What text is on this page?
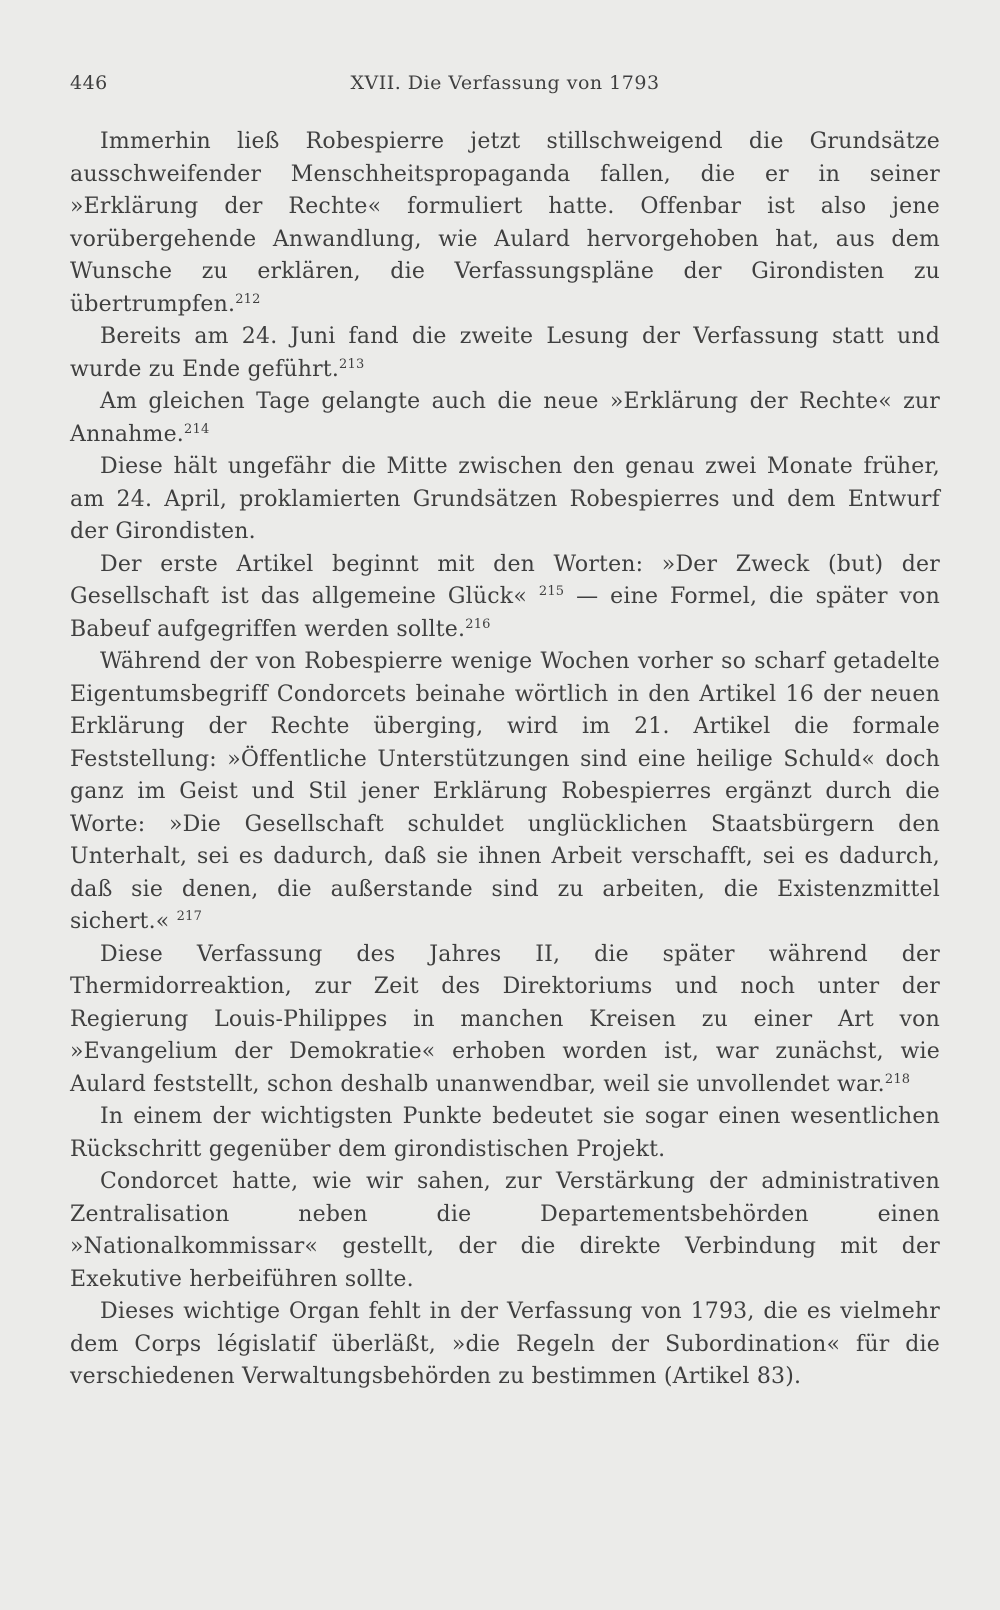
446	XVII. Die Verfassung von 1793

Immerhin ließ Robespierre jetzt stillschweigend die Grundsätze ausschweifender Menschheitspropaganda fallen, die er in seiner »Erklärung der Rechte« formuliert hatte. Offenbar ist also jene vorübergehende Anwandlung, wie Aulard hervorgehoben hat, aus dem Wunsche zu erklären, die Verfassungspläne der Girondisten zu übertrumpfen.$^{212}$

Bereits am 24. Juni fand die zweite Lesung der Verfassung statt und wurde zu Ende geführt.$^{213}$

Am gleichen Tage gelangte auch die neue »Erklärung der Rechte« zur Annahme.$^{214}$

Diese hält ungefähr die Mitte zwischen den genau zwei Monate früher, am 24. April, proklamierten Grundsätzen Robespierres und dem Entwurf der Girondisten.

Der erste Artikel beginnt mit den Worten: »Der Zweck (but) der Gesellschaft ist das allgemeine Glück« $^{215}$ — eine Formel, die später von Babeuf aufgegriffen werden sollte.$^{216}$

Während der von Robespierre wenige Wochen vorher so scharf getadelte Eigentumsbegriff Condorcets beinahe wörtlich in den Artikel 16 der neuen Erklärung der Rechte überging, wird im 21. Artikel die formale Feststellung: »Öffentliche Unterstützungen sind eine heilige Schuld« doch ganz im Geist und Stil jener Erklärung Robespierres ergänzt durch die Worte: »Die Gesellschaft schuldet unglücklichen Staatsbürgern den Unterhalt, sei es dadurch, daß sie ihnen Arbeit verschafft, sei es dadurch, daß sie denen, die außerstande sind zu arbeiten, die Existenzmittel sichert.« $^{217}$

Diese Verfassung des Jahres II, die später während der Thermidorreaktion, zur Zeit des Direktoriums und noch unter der Regierung Louis-Philippes in manchen Kreisen zu einer Art von »Evangelium der Demokratie« erhoben worden ist, war zunächst, wie Aulard feststellt, schon deshalb unanwendbar, weil sie unvollendet war.$^{218}$

In einem der wichtigsten Punkte bedeutet sie sogar einen wesentlichen Rückschritt gegenüber dem girondistischen Projekt.

Condorcet hatte, wie wir sahen, zur Verstärkung der administrativen Zentralisation neben die Departementsbehörden einen »Nationalkommissar« gestellt, der die direkte Verbindung mit der Exekutive herbeiführen sollte.

Dieses wichtige Organ fehlt in der Verfassung von 1793, die es vielmehr dem Corps législatif überläßt, »die Regeln der Subordination« für die verschiedenen Verwaltungsbehörden zu bestimmen (Artikel 83).
